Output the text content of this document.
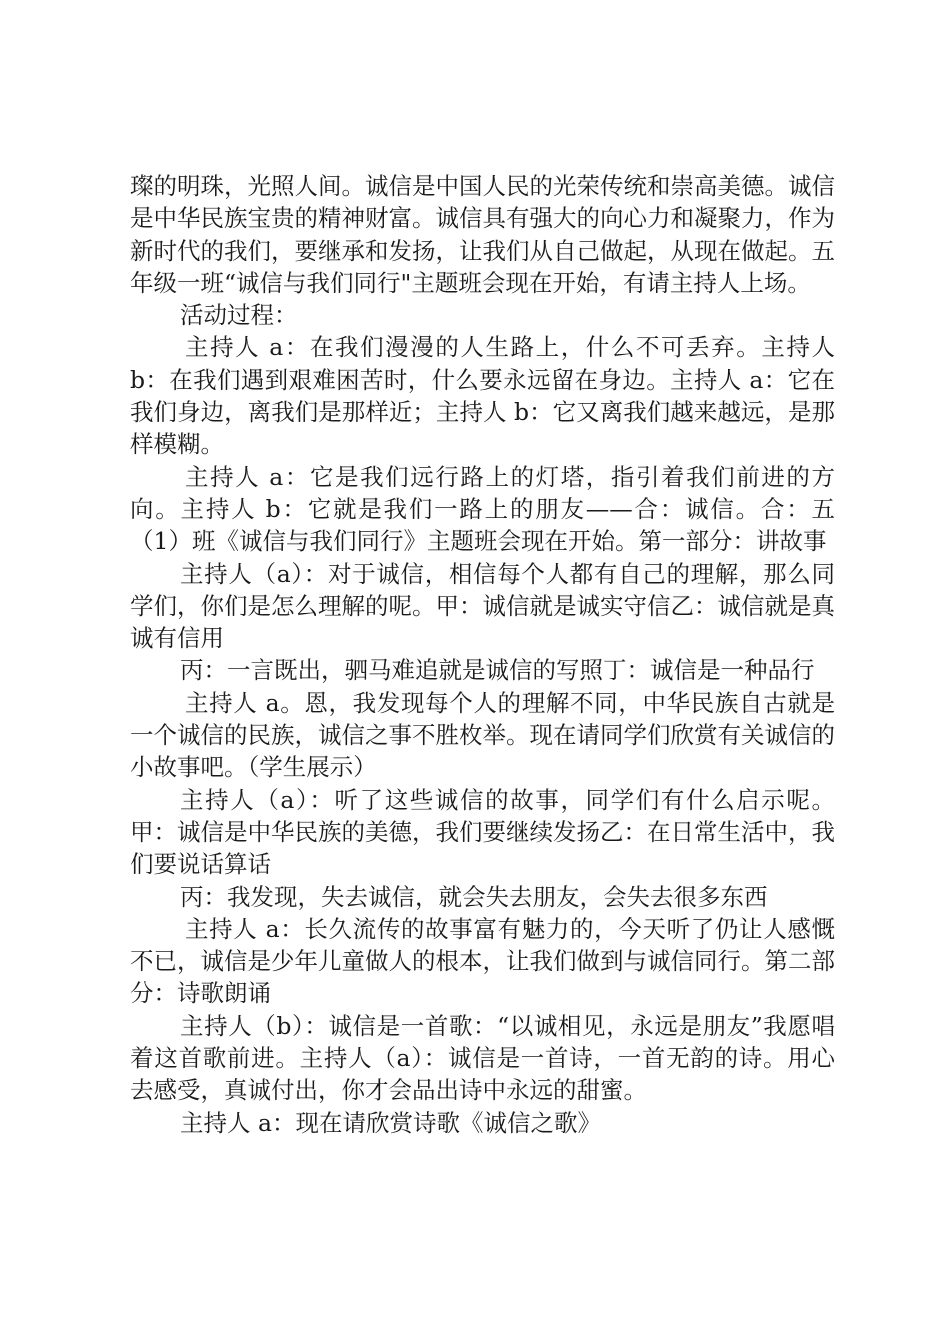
璨的明珠，光照人间。诚信是中国人民的光荣传统和崇高美德。诚信是中华民族宝贵的精神财富。诚信具有强大的向心力和凝聚力，作为新时代的我们，要继承和发扬，让我们从自己做起，从现在做起。五年级一班“诚信与我们同行"主题班会现在开始，有请主持人上场。

活动过程：

主持人 a：在我们漫漫的人生路上，什么不可丢弃。主持人 b：在我们遇到艰难困苦时，什么要永远留在身边。主持人 a：它在我们身边，离我们是那样近；主持人 b：它又离我们越来越远，是那样模糊。

主持人 a：它是我们远行路上的灯塔，指引着我们前进的方向。主持人 b：它就是我们一路上的朋友——合：诚信。合：五（1）班《诚信与我们同行》主题班会现在开始。第一部分：讲故事

主持人（a）：对于诚信，相信每个人都有自己的理解，那么同学们，你们是怎么理解的呢。甲：诚信就是诚实守信乙：诚信就是真诚有信用

丙：一言既出，驷马难追就是诚信的写照丁：诚信是一种品行

主持人 a。恩，我发现每个人的理解不同，中华民族自古就是一个诚信的民族，诚信之事不胜枚举。现在请同学们欣赏有关诚信的小故事吧。（学生展示）

主持人（a）：听了这些诚信的故事，同学们有什么启示呢。甲：诚信是中华民族的美德，我们要继续发扬乙：在日常生活中，我们要说话算话

丙：我发现，失去诚信，就会失去朋友，会失去很多东西

主持人 a：长久流传的故事富有魅力的，今天听了仍让人感慨不已，诚信是少年儿童做人的根本，让我们做到与诚信同行。第二部分：诗歌朗诵

主持人（b）：诚信是一首歌：“以诚相见，永远是朋友”我愿唱着这首歌前进。主持人（a）：诚信是一首诗，一首无韵的诗。用心去感受，真诚付出，你才会品出诗中永远的甜蜜。

主持人 a：现在请欣赏诗歌《诚信之歌》
